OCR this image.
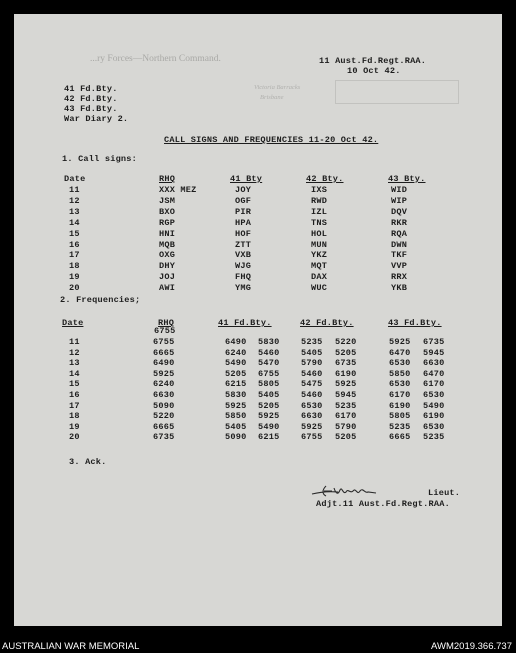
...ry Forces—Northern Command.
Victoria Barracks
Brisbane
11 Aust.Fd.Regt.RAA.
10 Oct 42.
41 Fd.Bty.
42 Fd.Bty.
43 Fd.Bty.
War Diary 2.
CALL SIGNS AND FREQUENCIES 11-20 Oct 42.
1. Call signs:
Date	RHQ	41 Bty	42 Bty.	43 Bty.
11	XXX MEZ	JOY	IXS	WID
12	JSM	OGF	RWD	WIP
13	BXO	PIR	IZL	DQV
14	RGP	HPA	TNS	RKR
15	HNI	HOF	HOL	RQA
16	MQB	ZTT	MUN	DWN
17	OXG	VXB	YKZ	TKF
18	DHY	WJG	MQT	VVP
19	JOJ	FHQ	DAX	RRX
20	AWI	YMG	WUC	YKB
2. Frequencies;
6755
Date	RHQ	41 Fd.Bty.	42 Fd.Bty.	43 Fd.Bty.
11	6755	6490 5830	5235 5220	5925 6735
12	6665	6240 5460	5405 5205	6470 5945
13	6490	5490 5470	5790 6735	6530 6630
14	5925	5205 6755	5460 6190	5850 6470
15	6240	6215 5805	5475 5925	6530 6170
16	6630	5830 5405	5460 5945	6170 6530
17	5090	5925 5205	6530 5235	6190 5490
18	5220	5850 5925	6630 6170	5805 6190
19	6665	5405 5490	5925 5790	5235 6530
20	6735	5090 6215	6755 5205	6665 5235
3. Ack.
Lieut.
Adjt.11 Aust.Fd.Regt.RAA.
AUSTRALIAN WAR MEMORIAL	AWM2019.366.737
